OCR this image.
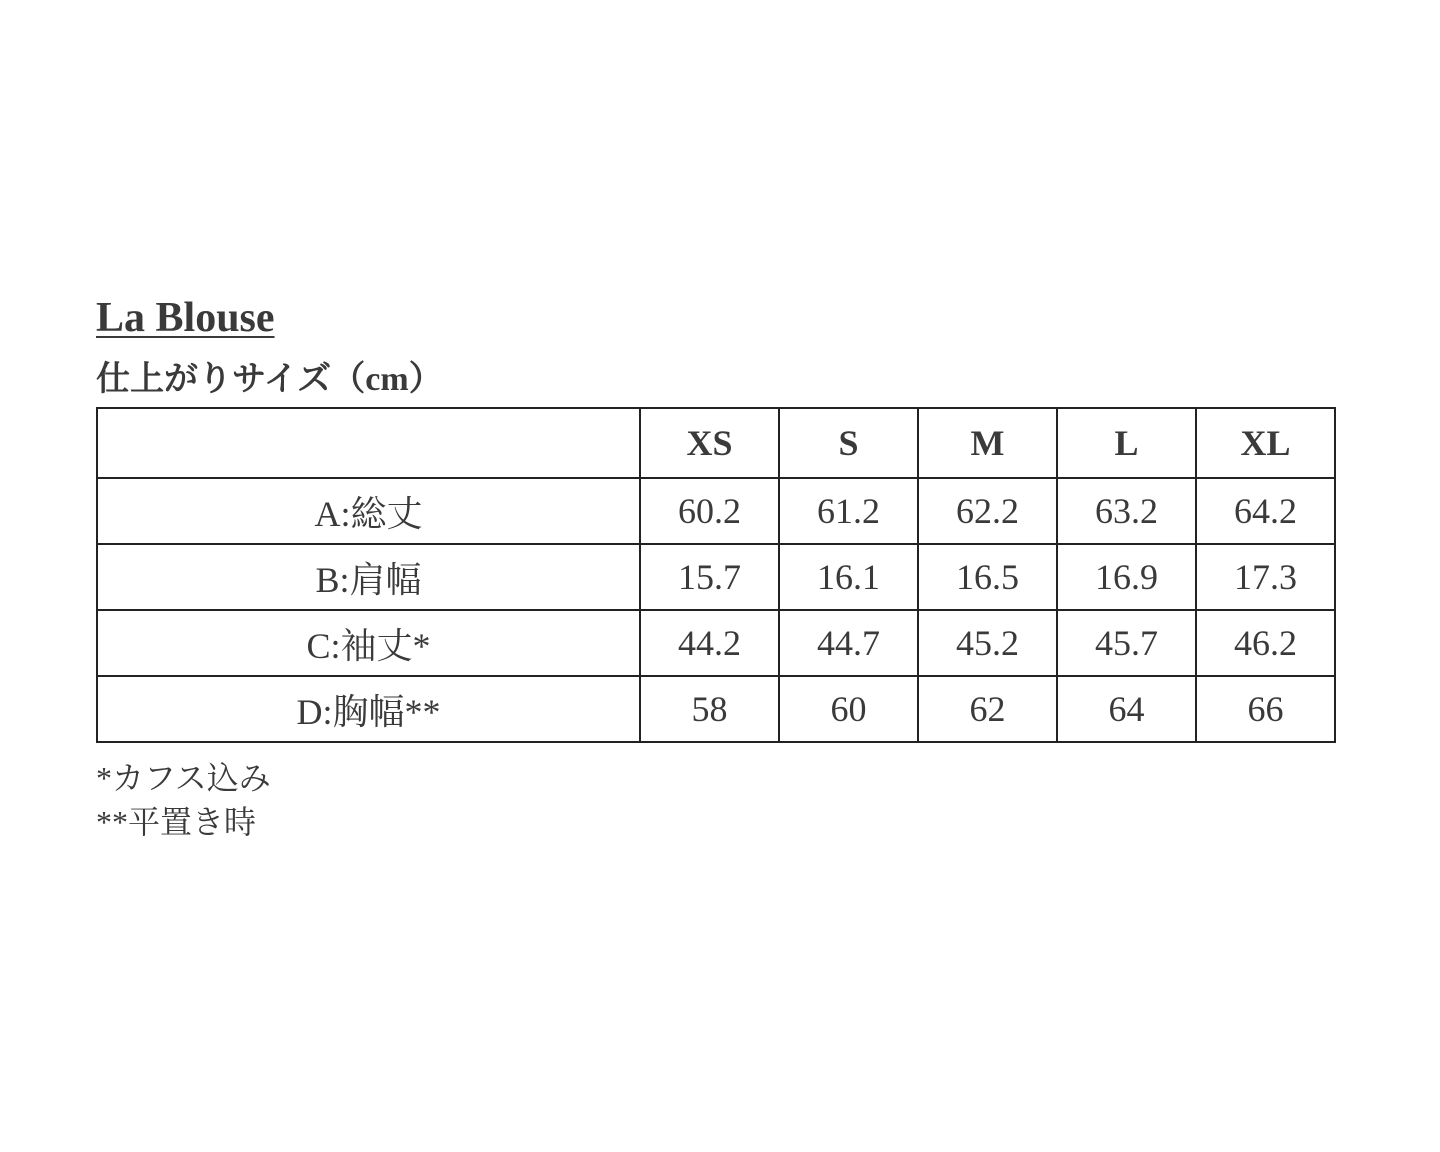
La Blouse
仕上がりサイズ（cm）
	XS	S	M	L	XL
A:総丈	60.2	61.2	62.2	63.2	64.2
B:肩幅	15.7	16.1	16.5	16.9	17.3
C:袖丈*	44.2	44.7	45.2	45.7	46.2
D:胸幅**	58	60	62	64	66
*カフス込み
**平置き時
